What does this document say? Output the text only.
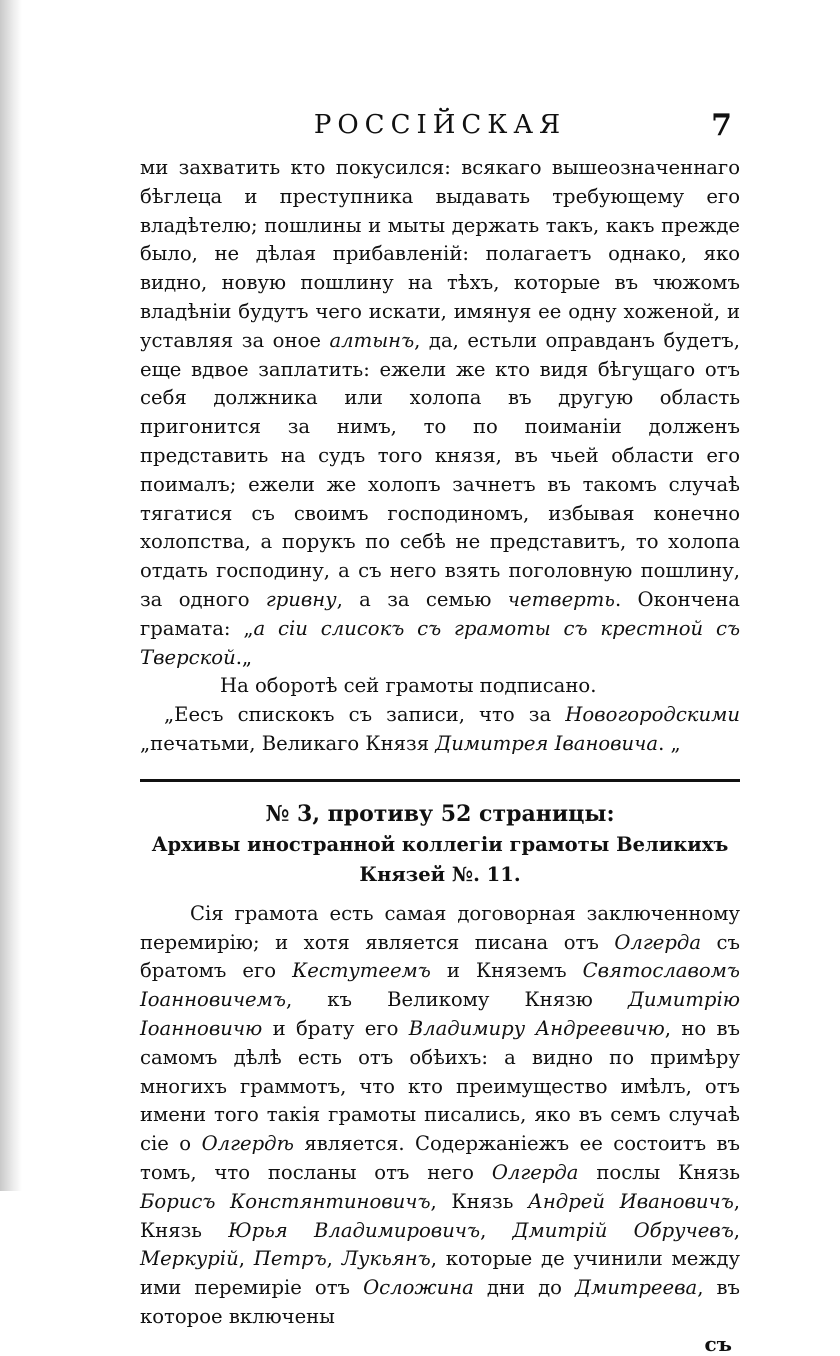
РОССІЙСКАЯ	7

ми захватить кто покусился: всякаго вышеозначеннаго бѣглеца и преступника выдавать требующему его владѣтелю; пошлины и мыты держать такъ, какъ прежде было, не дѣлая прибавленій: полагаетъ однако, яко видно, новую пошлину на тѣхъ, которые въ чюжомъ владѣніи будутъ чего искати, имянуя ее одну хоженой, и уставляя за оное алтынъ, да, естьли оправданъ будетъ, еще вдвое заплатить: ежели же кто видя бѣгущаго отъ себя должника или холопа въ другую область пригонится за нимъ, то по поиманіи долженъ представить на судъ того князя, въ чьей области его поималъ; ежели же холопъ зачнетъ въ такомъ случаѣ тягатися съ своимъ господиномъ, избывая конечно холопства, а порукъ по себѣ не представитъ, то холопа отдать господину, а съ него взять поголовную пошлину, за одного гривну, а за семью четверть. Окончена грамата: „а сіи слисокъ съ грамоты съ крестной съ Тверской.„

На оборотѣ сей грамоты подписано.

„Еесъ спискокъ съ записи, что за Новогородскими „печатьми, Великаго Князя Димитрея Івановича. „

№ 3, противу 52 страницы:
Архивы иностранной коллегіи грамоты Великихъ Князей №. 11.

Сія грамота есть самая договорная заключенному перемирію; и хотя является писана отъ Олгерда съ братомъ его Кестутеемъ и Княземъ Святославомъ Іоанновичемъ, къ Великому Князю Димитрію Іоанновичю и брату его Владимиру Андреевичю, но въ самомъ дѣлѣ есть отъ обѣихъ: а видно по примѣру многихъ граммотъ, что кто преимущество имѣлъ, отъ имени того такія грамоты писались, яко въ семъ случаѣ сіе о Олгердѣ является. Содержаніежъ ее состоитъ въ томъ, что посланы отъ него Олгерда послы Князь Борисъ Констянтиновичъ, Князь Андрей Ивановичъ, Князь Юрья Владимировичъ, Дмитрій Обручевъ, Меркурій, Петръ, Лукьянъ, которые де учинили между ими перемиріе отъ Осложина дни до Дмитреева, въ которое включены

съ
